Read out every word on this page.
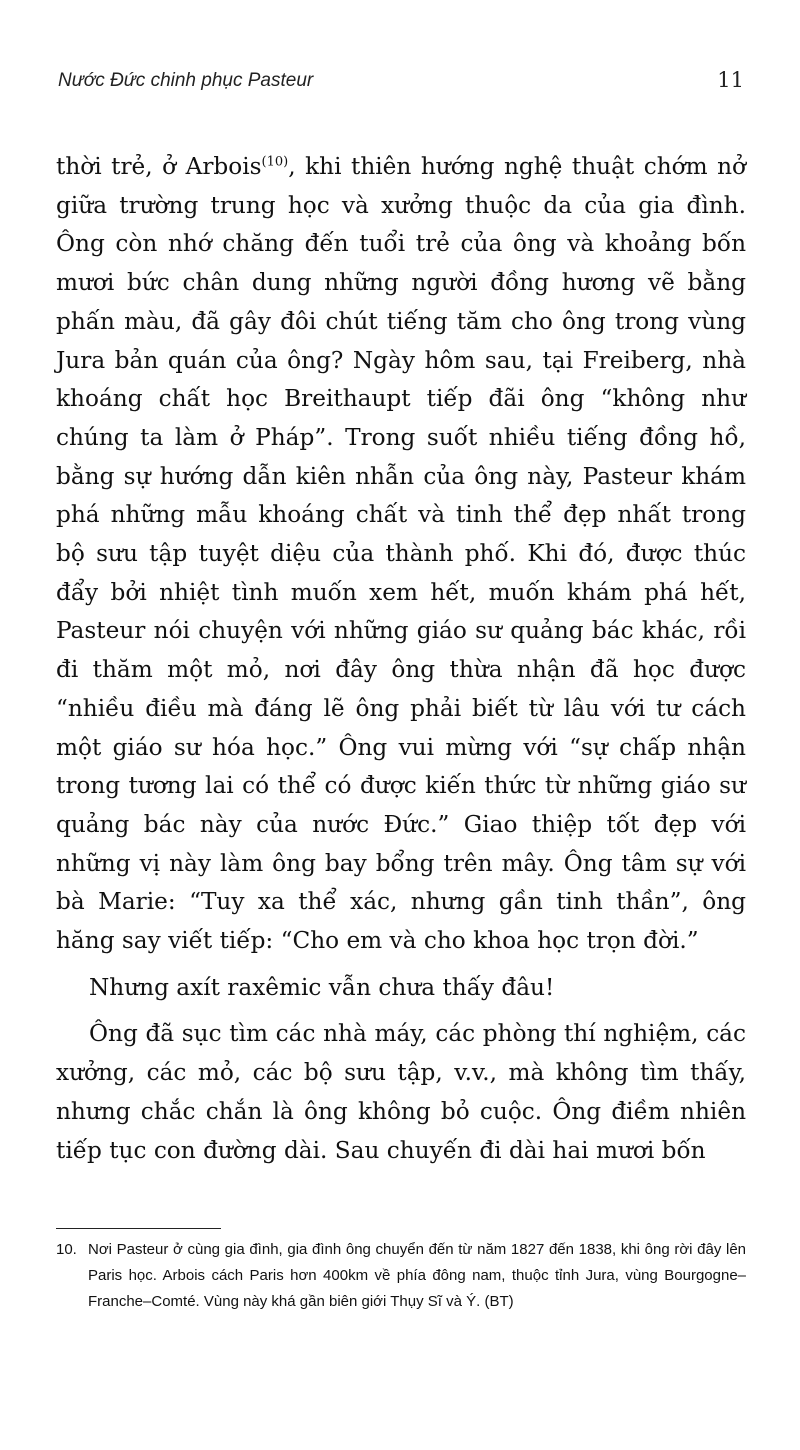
Nước Đức chinh phục Pasteur	11

thời trẻ, ở Arbois$^{(10)}$, khi thiên hướng nghệ thuật chớm nở giữa trường trung học và xưởng thuộc da của gia đình. Ông còn nhớ chăng đến tuổi trẻ của ông và khoảng bốn mươi bức chân dung những người đồng hương vẽ bằng phấn màu, đã gây đôi chút tiếng tăm cho ông trong vùng Jura bản quán của ông? Ngày hôm sau, tại Freiberg, nhà khoáng chất học Breithaupt tiếp đãi ông “không như chúng ta làm ở Pháp”. Trong suốt nhiều tiếng đồng hồ, bằng sự hướng dẫn kiên nhẫn của ông này, Pasteur khám phá những mẫu khoáng chất và tinh thể đẹp nhất trong bộ sưu tập tuyệt diệu của thành phố. Khi đó, được thúc đẩy bởi nhiệt tình muốn xem hết, muốn khám phá hết, Pasteur nói chuyện với những giáo sư quảng bác khác, rồi đi thăm một mỏ, nơi đây ông thừa nhận đã học được “nhiều điều mà đáng lẽ ông phải biết từ lâu với tư cách một giáo sư hóa học.” Ông vui mừng với “sự chấp nhận trong tương lai có thể có được kiến thức từ những giáo sư quảng bác này của nước Đức.” Giao thiệp tốt đẹp với những vị này làm ông bay bổng trên mây. Ông tâm sự với bà Marie: “Tuy xa thể xác, nhưng gần tinh thần”, ông hăng say viết tiếp: “Cho em và cho khoa học trọn đời.”

Nhưng axít raxêmic vẫn chưa thấy đâu!

Ông đã sục tìm các nhà máy, các phòng thí nghiệm, các xưởng, các mỏ, các bộ sưu tập, v.v., mà không tìm thấy, nhưng chắc chắn là ông không bỏ cuộc. Ông điềm nhiên tiếp tục con đường dài. Sau chuyến đi dài hai mươi bốn

10. Nơi Pasteur ở cùng gia đình, gia đình ông chuyển đến từ năm 1827 đến 1838, khi ông rời đây lên Paris học. Arbois cách Paris hơn 400km về phía đông nam, thuộc tỉnh Jura, vùng Bourgogne–Franche–Comté. Vùng này khá gần biên giới Thụy Sĩ và Ý. (BT)
